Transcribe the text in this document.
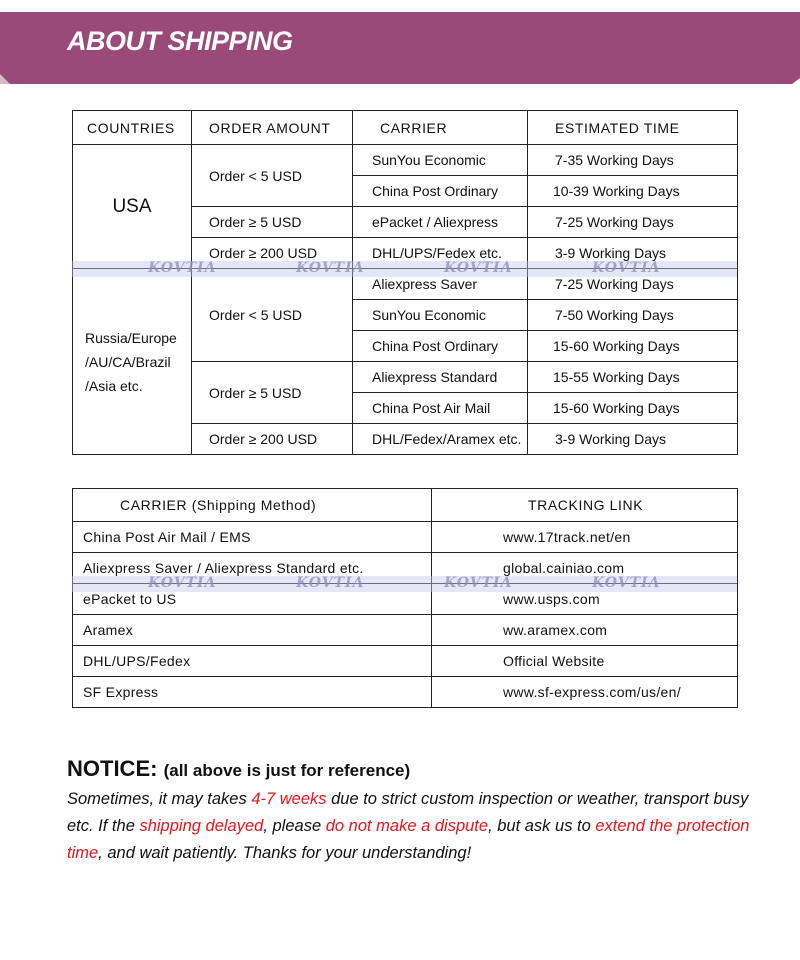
ABOUT SHIPPING
COUNTRIES	ORDER AMOUNT	CARRIER	ESTIMATED TIME
USA	Order < 5 USD	SunYou Economic	7-35 Working Days
		China Post Ordinary	10-39 Working Days
	Order ≥ 5 USD	ePacket / Aliexpress	7-25 Working Days
	Order ≥ 200 USD	DHL/UPS/Fedex etc.	3-9 Working Days

Russia/Europe
/AU/CA/Brazil
/Asia etc.	Order < 5 USD	Aliexpress Saver	7-25 Working Days
		SunYou Economic	7-50 Working Days
		China Post Ordinary	15-60 Working Days
	Order ≥ 5 USD	Aliexpress Standard	15-55 Working Days
		China Post Air Mail	15-60 Working Days
	Order ≥ 200 USD	DHL/Fedex/Aramex etc.	3-9 Working Days
KOVTIA	KOVTIA	KOVTIA	KOVTIA
CARRIER (Shipping Method)	TRACKING LINK
China Post Air Mail / EMS	www.17track.net/en
Aliexpress Saver / Aliexpress Standard etc.	global.cainiao.com
ePacket to US	www.usps.com
Aramex	ww.aramex.com
DHL/UPS/Fedex	Official Website
SF Express	www.sf-express.com/us/en/
KOVTIA	KOVTIA	KOVTIA	KOVTIA
NOTICE: (all above is just for reference)
Sometimes, it may takes 4-7 weeks due to strict custom inspection or weather, transport busy etc. If the shipping delayed, please do not make a dispute, but ask us to extend the protection time, and wait patiently. Thanks for your understanding!
